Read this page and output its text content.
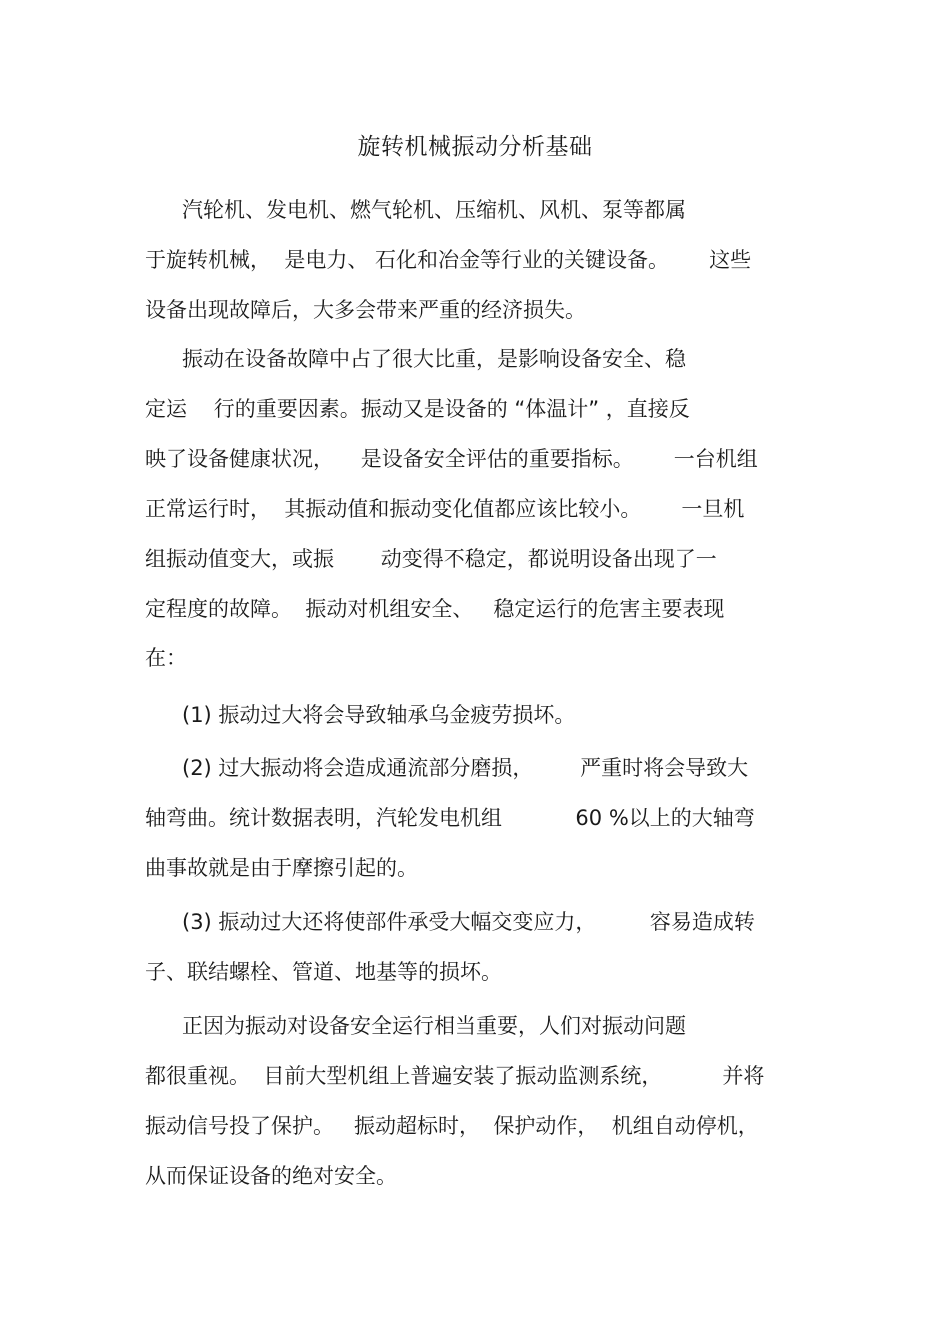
旋转机械振动分析基础

汽轮机、发电机、燃气轮机、压缩机、风机、泵等都属

于旋转机械，  是电力、 石化和冶金等行业的关键设备。      这些

设备出现故障后，大多会带来严重的经济损失。

振动在设备故障中占了很大比重，是影响设备安全、稳

定运    行的重要因素。振动又是设备的 “体温计” ，直接反

映了设备健康状况，    是设备安全评估的重要指标。      一台机组

正常运行时，  其振动值和振动变化值都应该比较小。      一旦机

组振动值变大，或振       动变得不稳定，都说明设备出现了一

定程度的故障。  振动对机组安全、   稳定运行的危害主要表现

在：

(1) 振动过大将会导致轴承乌金疲劳损坏。

(2) 过大振动将会造成通流部分磨损，       严重时将会导致大

轴弯曲。统计数据表明，汽轮发电机组           60 %以上的大轴弯

曲事故就是由于摩擦引起的。

(3) 振动过大还将使部件承受大幅交变应力，        容易造成转

子、联结螺栓、管道、地基等的损坏。

正因为振动对设备安全运行相当重要，人们对振动问题

都很重视。  目前大型机组上普遍安装了振动监测系统，         并将

振动信号投了保护。   振动超标时，  保护动作，  机组自动停机，

从而保证设备的绝对安全。
